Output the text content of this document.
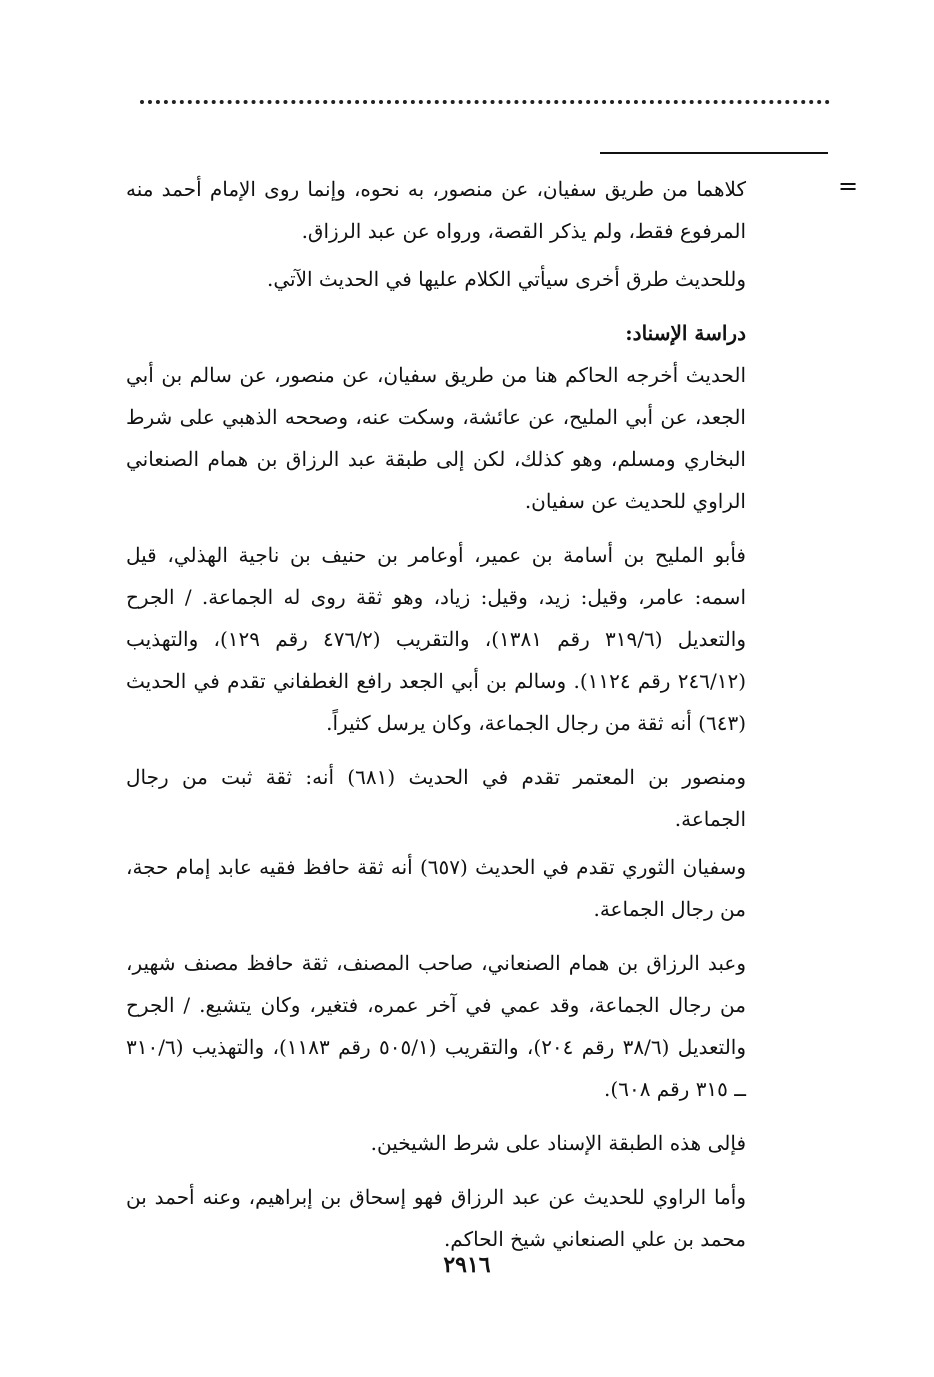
=

كلاهما من طريق سفيان، عن منصور، به نحوه، وإنما روى الإمام أحمد منه المرفوع فقط، ولم يذكر القصة، ورواه عن عبد الرزاق.

وللحديث طرق أخرى سيأتي الكلام عليها في الحديث الآتي.

دراسة الإسناد:

الحديث أخرجه الحاكم هنا من طريق سفيان، عن منصور، عن سالم بن أبي الجعد، عن أبي المليح، عن عائشة، وسكت عنه، وصححه الذهبي على شرط البخاري ومسلم، وهو كذلك، لكن إلى طبقة عبد الرزاق بن همام الصنعاني الراوي للحديث عن سفيان.

فأبو المليح بن أسامة بن عمير، أوعامر بن حنيف بن ناجية الهذلي، قيل اسمه: عامر، وقيل: زيد، وقيل: زياد، وهو ثقة روى له الجماعة. / الجرح والتعديل (٣١٩/٦ رقم ١٣٨١)، والتقريب (٤٧٦/٢ رقم ١٢٩)، والتهذيب (٢٤٦/١٢ رقم ١١٢٤). وسالم بن أبي الجعد رافع الغطفاني تقدم في الحديث (٦٤٣) أنه ثقة من رجال الجماعة، وكان يرسل كثيراً.

ومنصور بن المعتمر تقدم في الحديث (٦٨١) أنه: ثقة ثبت من رجال الجماعة.

وسفيان الثوري تقدم في الحديث (٦٥٧) أنه ثقة حافظ فقيه عابد إمام حجة، من رجال الجماعة.

وعبد الرزاق بن همام الصنعاني، صاحب المصنف، ثقة حافظ مصنف شهير، من رجال الجماعة، وقد عمي في آخر عمره، فتغير، وكان يتشيع. / الجرح والتعديل (٣٨/٦ رقم ٢٠٤)، والتقريب (٥٠٥/١ رقم ١١٨٣)، والتهذيب (٣١٠/٦ ــ ٣١٥ رقم ٦٠٨).

فإلى هذه الطبقة الإسناد على شرط الشيخين.

وأما الراوي للحديث عن عبد الرزاق فهو إسحاق بن إبراهيم، وعنه أحمد بن محمد بن علي الصنعاني شيخ الحاكم.

٢٩١٦
